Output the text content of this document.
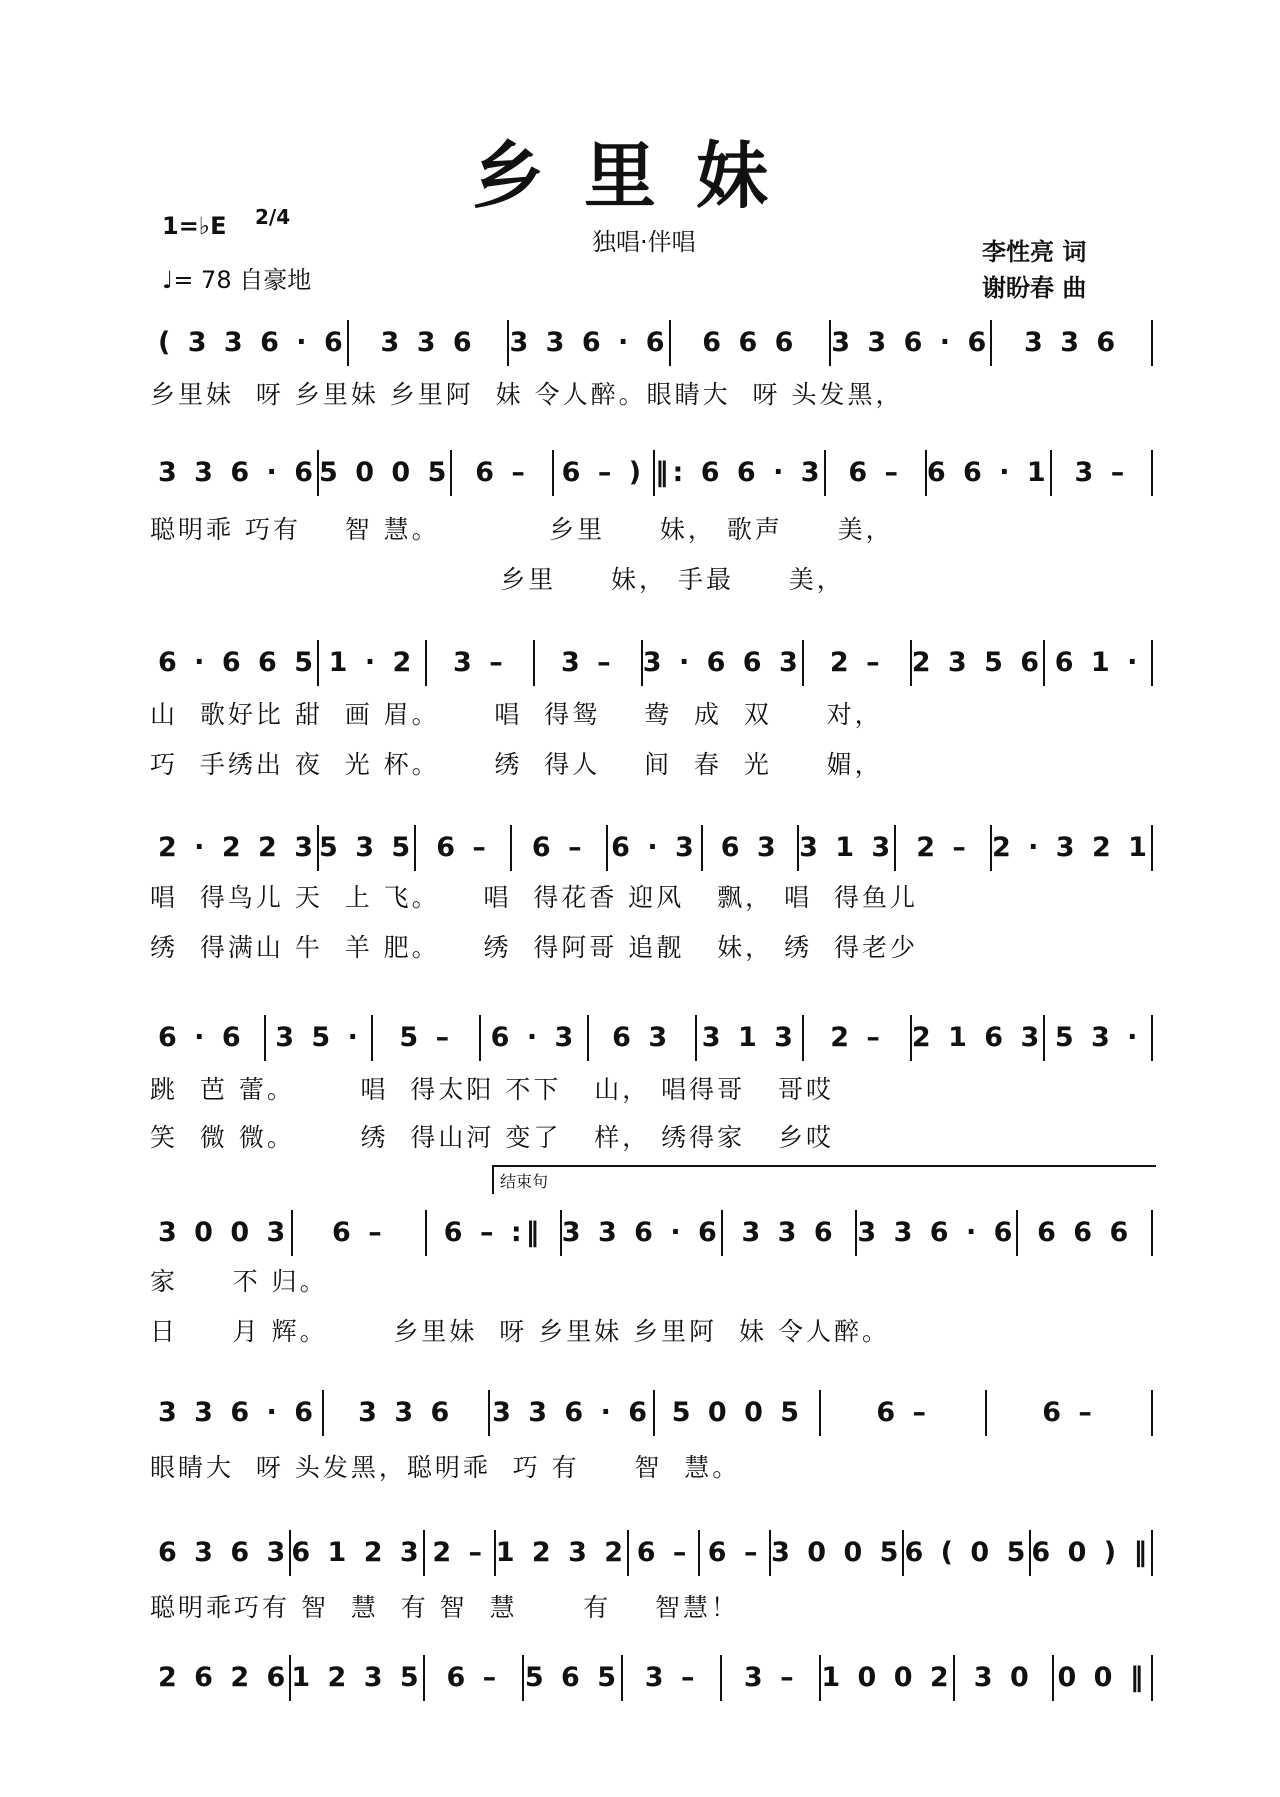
乡里妹
1=♭E 2/4
♩= 78 自豪地
独唱·伴唱	李性亮 词
谢盼春 曲
结束句
( 3 3 6 · 6	3 3 6	3 3 6 · 6	6 6 6	3 3 6 · 6	3 3 6
乡里妹  呀 乡里妹 乡里阿  妹 令人醉。眼睛大  呀 头发黑，
3 3 6 · 6 5 0 0 5 6 –	6 – ) ‖: 6 6 · 3 6 – 6 6 · 1 3 –
聪明乖 巧有    智 慧。          乡里     妹， 歌声     美，
乡里     妹， 手最     美，
6 · 6 6 5 1 · 2	3 –	3 –	3 · 6 6 3	2 –	2 3 5 6 6 1 ·
山  歌好比 甜  画 眉。     唱  得鸳    鸯  成  双     对，
巧  手绣出 夜  光 杯。     绣  得人    间  春  光     媚，
2 · 2 2 3 5 3 5 6 –	6 – 6 · 3 6 3 3 1 3 2 – 2 · 3 2 1
唱  得鸟儿 天  上 飞。    唱  得花香 迎风   飘， 唱  得鱼儿
绣  得满山 牛  羊 肥。    绣  得阿哥 追靓   妹， 绣  得老少
6 · 6	3 5 ·	5 –	6 · 3	6 3	3 1 3	2 –	2 1 6 3 5 3 ·
跳  芭 蕾。      唱  得太阳 不下   山， 唱得哥   哥哎
笑  微 微。      绣  得山河 变了   样， 绣得家   乡哎
3 0 0 3	6 –	6 – :‖ 3 3 6 · 6 3 3 6 3 3 6 · 6 6 6 6
家     不 归。
日     月 辉。      乡里妹  呀 乡里妹 乡里阿  妹 令人醉。
3 3 6 · 6	3 3 6	3 3 6 · 6 5 0 0 5	6 –	6 –
眼睛大  呀 头发黑，聪明乖  巧 有     智  慧。
6 3 6 3 6 1 2 3 2 – 1 2 3 2 6 – 6 – 3 0 0 5 6 ( 0 5 6 0 ) ‖
聪明乖巧有 智  慧  有 智  慧      有    智慧！
2 6 2 6 1 2 3 5 6 – 5 6 5 3 –	3 – 1 0 0 2 3 0 0 0 ‖
